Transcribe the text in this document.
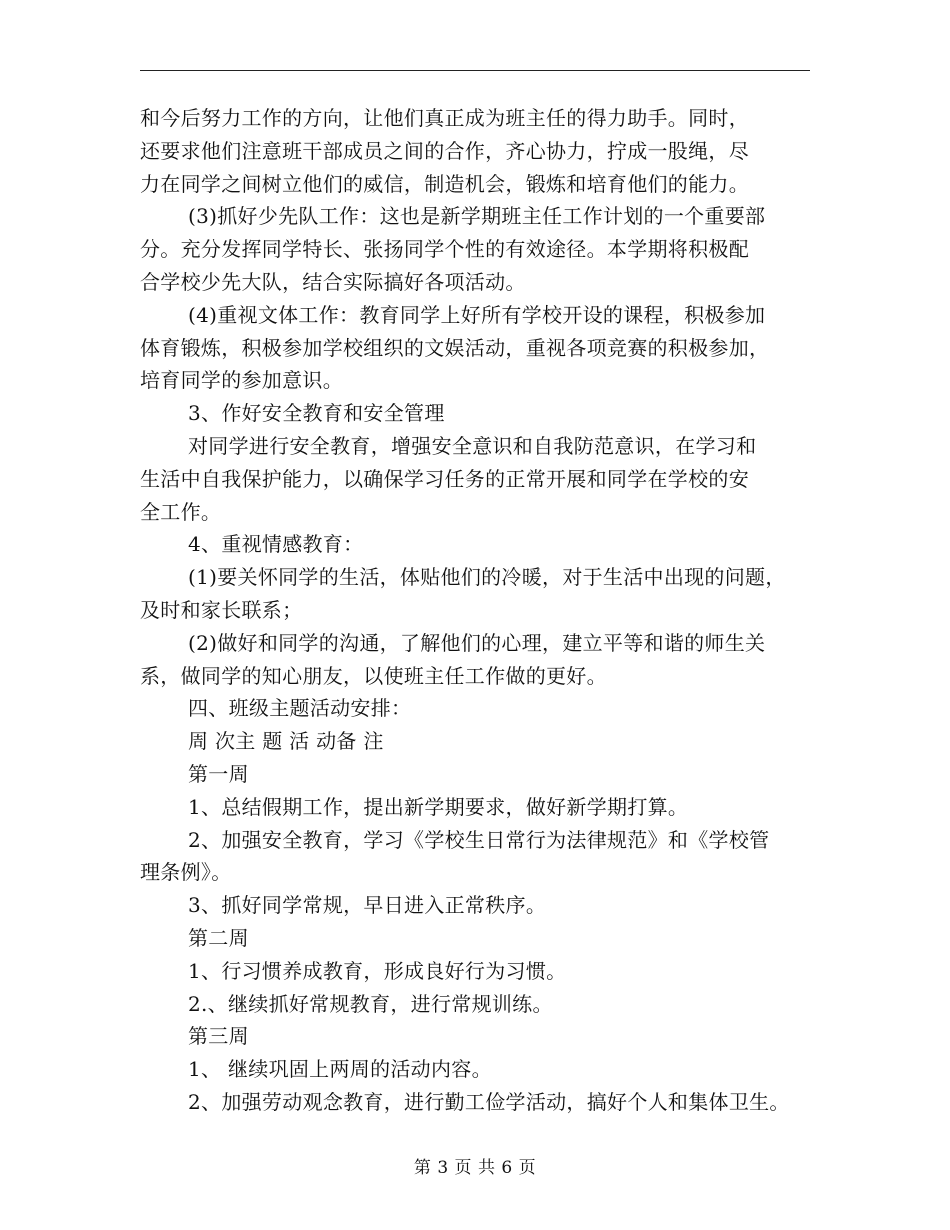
和今后努力工作的方向，让他们真正成为班主任的得力助手。同时，
还要求他们注意班干部成员之间的合作，齐心协力，拧成一股绳，尽
力在同学之间树立他们的威信，制造机会，锻炼和培育他们的能力。
(3)抓好少先队工作：这也是新学期班主任工作计划的一个重要部
分。充分发挥同学特长、张扬同学个性的有效途径。本学期将积极配
合学校少先大队，结合实际搞好各项活动。
(4)重视文体工作：教育同学上好所有学校开设的课程，积极参加
体育锻炼，积极参加学校组织的文娱活动，重视各项竞赛的积极参加，
培育同学的参加意识。
3、作好安全教育和安全管理
对同学进行安全教育，增强安全意识和自我防范意识，在学习和
生活中自我保护能力，以确保学习任务的正常开展和同学在学校的安
全工作。
4、重视情感教育：
(1)要关怀同学的生活，体贴他们的冷暖，对于生活中出现的问题，
及时和家长联系；
(2)做好和同学的沟通，了解他们的心理，建立平等和谐的师生关
系，做同学的知心朋友，以使班主任工作做的更好。
四、班级主题活动安排：
周 次主 题 活 动备 注
第一周
1、总结假期工作，提出新学期要求，做好新学期打算。
2、加强安全教育，学习《学校生日常行为法律规范》和《学校管
理条例》。
3、抓好同学常规，早日进入正常秩序。
第二周
1、行习惯养成教育，形成良好行为习惯。
2.、继续抓好常规教育，进行常规训练。
第三周
1、 继续巩固上两周的活动内容。
2、加强劳动观念教育，进行勤工俭学活动，搞好个人和集体卫生。
第 3 页 共 6 页
